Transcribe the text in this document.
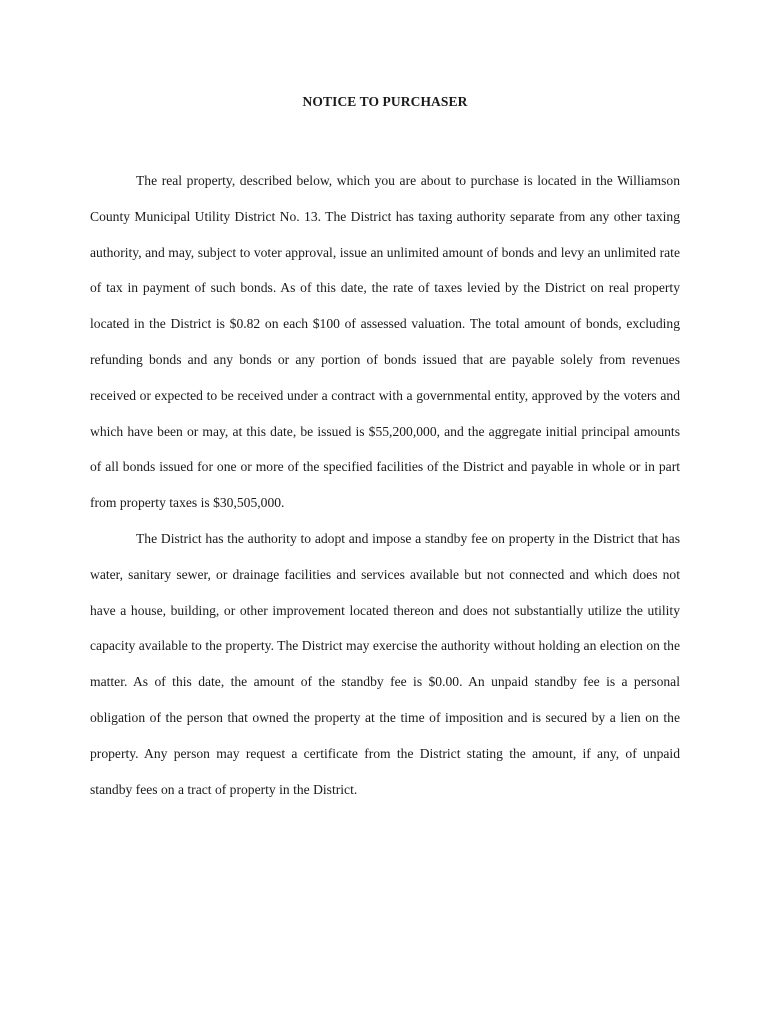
NOTICE TO PURCHASER

The real property, described below, which you are about to purchase is located in the Williamson County Municipal Utility District No. 13. The District has taxing authority separate from any other taxing authority, and may, subject to voter approval, issue an unlimited amount of bonds and levy an unlimited rate of tax in payment of such bonds. As of this date, the rate of taxes levied by the District on real property located in the District is $0.82 on each $100 of assessed valuation. The total amount of bonds, excluding refunding bonds and any bonds or any portion of bonds issued that are payable solely from revenues received or expected to be received under a contract with a governmental entity, approved by the voters and which have been or may, at this date, be issued is $55,200,000, and the aggregate initial principal amounts of all bonds issued for one or more of the specified facilities of the District and payable in whole or in part from property taxes is $30,505,000.

The District has the authority to adopt and impose a standby fee on property in the District that has water, sanitary sewer, or drainage facilities and services available but not connected and which does not have a house, building, or other improvement located thereon and does not substantially utilize the utility capacity available to the property. The District may exercise the authority without holding an election on the matter. As of this date, the amount of the standby fee is $0.00. An unpaid standby fee is a personal obligation of the person that owned the property at the time of imposition and is secured by a lien on the property. Any person may request a certificate from the District stating the amount, if any, of unpaid standby fees on a tract of property in the District.
